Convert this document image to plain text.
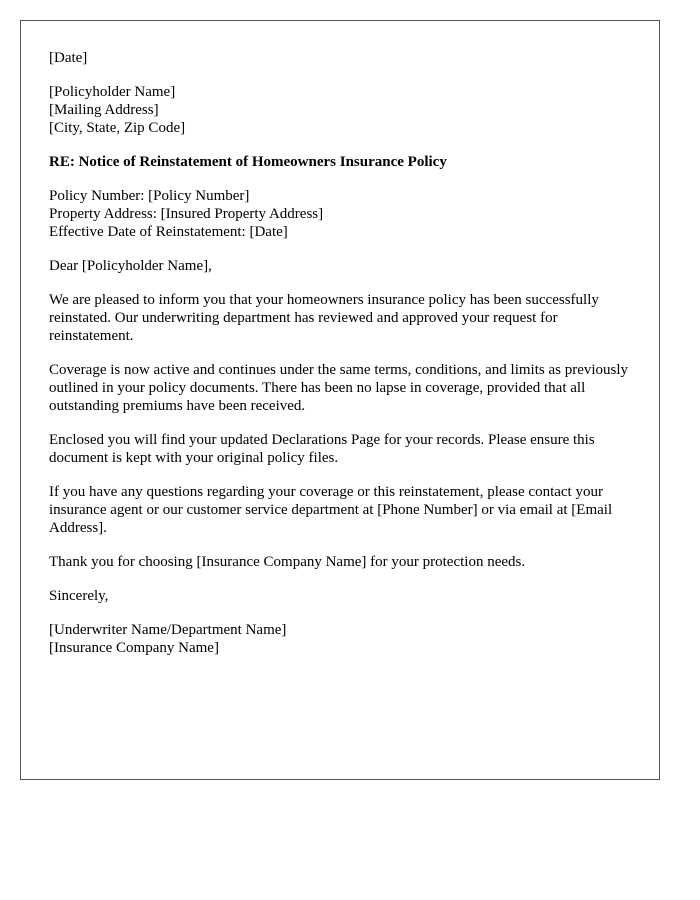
[Date]
[Policyholder Name]
[Mailing Address]
[City, State, Zip Code]
RE: Notice of Reinstatement of Homeowners Insurance Policy
Policy Number: [Policy Number]
Property Address: [Insured Property Address]
Effective Date of Reinstatement: [Date]

Dear [Policyholder Name],

We are pleased to inform you that your homeowners insurance policy has been successfully reinstated. Our underwriting department has reviewed and approved your request for reinstatement.

Coverage is now active and continues under the same terms, conditions, and limits as previously outlined in your policy documents. There has been no lapse in coverage, provided that all outstanding premiums have been received.

Enclosed you will find your updated Declarations Page for your records. Please ensure this document is kept with your original policy files.

If you have any questions regarding your coverage or this reinstatement, please contact your insurance agent or our customer service department at [Phone Number] or via email at [Email Address].

Thank you for choosing [Insurance Company Name] for your protection needs.

Sincerely,

[Underwriter Name/Department Name]
[Insurance Company Name]
